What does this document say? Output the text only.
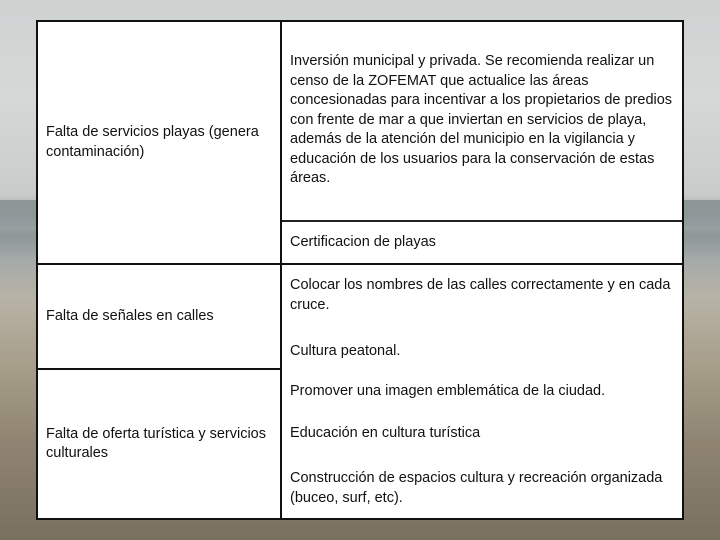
Falta de servicios playas (genera contaminación)
Inversión municipal y privada. Se recomienda realizar un censo de la ZOFEMAT que actualice las áreas concesionadas para incentivar a los propietarios de predios con frente de mar a que inviertan en servicios de playa, además de la atención del municipio en la vigilancia y educación de los usuarios para la conservación de estas áreas.
Certificacion de playas
Falta de señales en calles
Colocar los nombres de las calles correctamente y en cada cruce.
Cultura peatonal.
Falta de oferta turística y servicios culturales
Promover una imagen emblemática de la ciudad.
Educación en cultura turística
Construcción de espacios cultura y recreación organizada (buceo, surf, etc).
